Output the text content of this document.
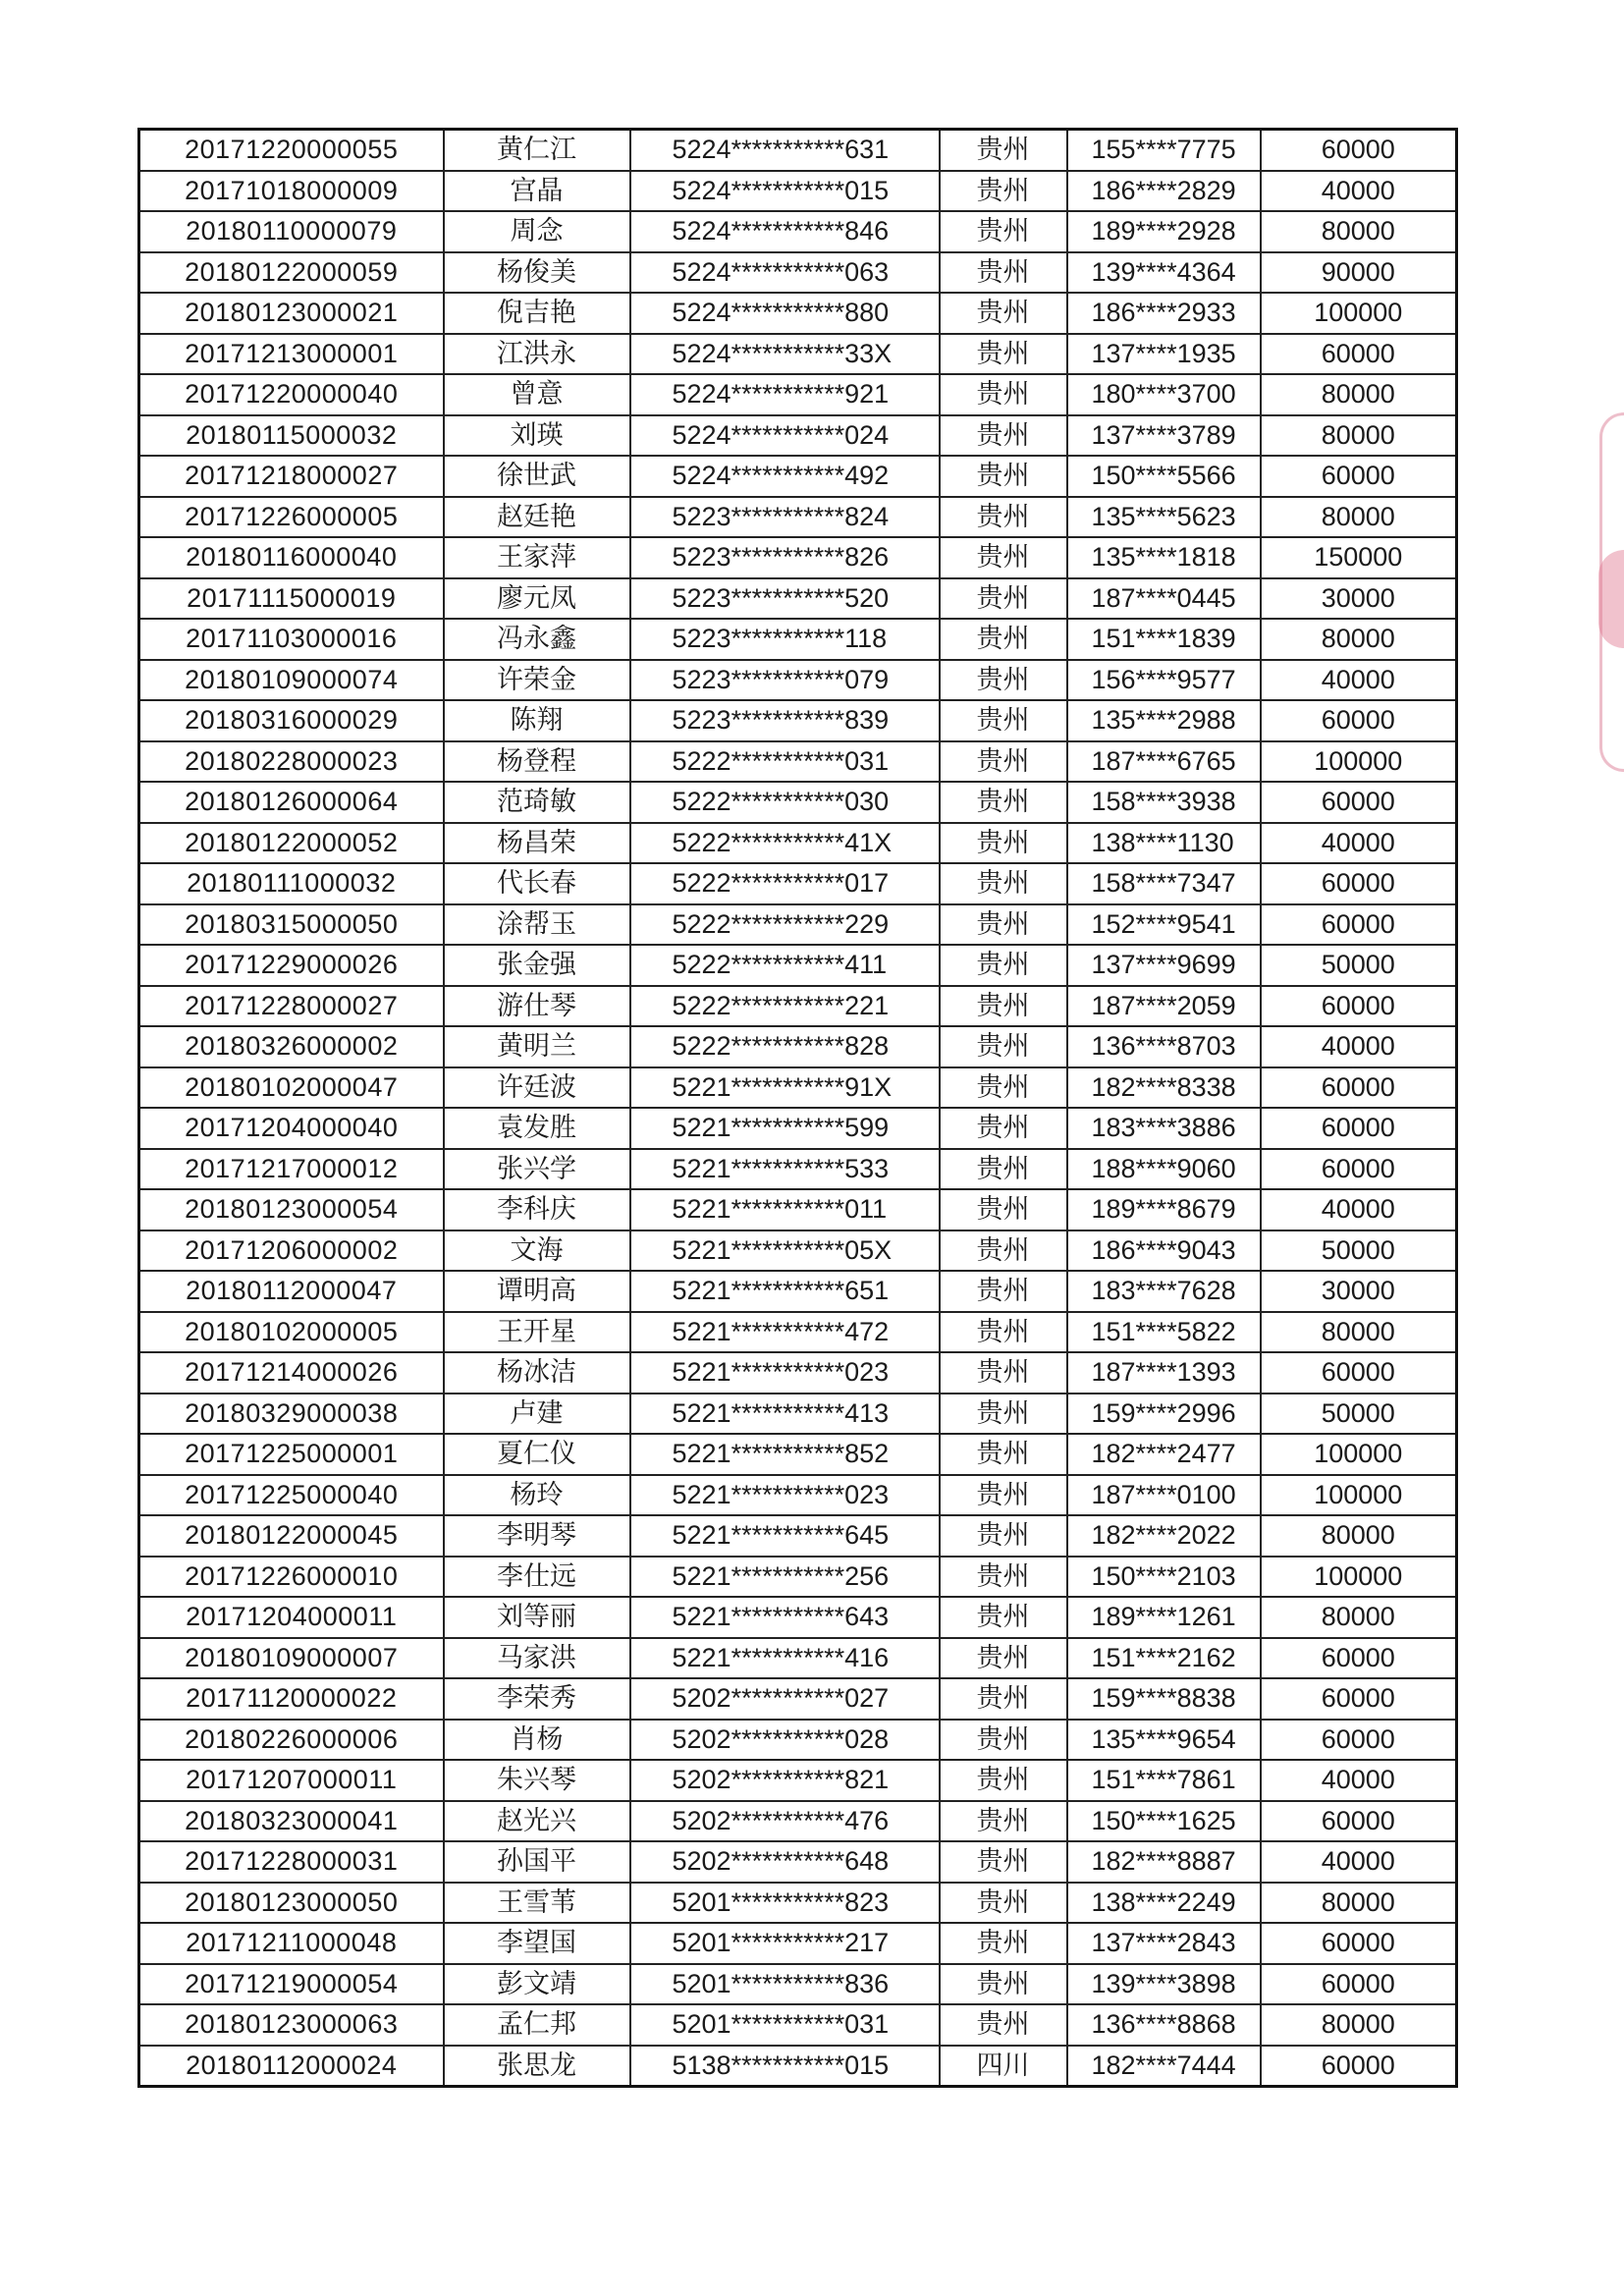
20171220000055	黄仁江	5224***********631	贵州	155****7775	60000
20171018000009	宫晶	5224***********015	贵州	186****2829	40000
20180110000079	周念	5224***********846	贵州	189****2928	80000
20180122000059	杨俊美	5224***********063	贵州	139****4364	90000
20180123000021	倪吉艳	5224***********880	贵州	186****2933	100000
20171213000001	江洪永	5224***********33X	贵州	137****1935	60000
20171220000040	曾意	5224***********921	贵州	180****3700	80000
20180115000032	刘瑛	5224***********024	贵州	137****3789	80000
20171218000027	徐世武	5224***********492	贵州	150****5566	60000
20171226000005	赵廷艳	5223***********824	贵州	135****5623	80000
20180116000040	王家萍	5223***********826	贵州	135****1818	150000
20171115000019	廖元凤	5223***********520	贵州	187****0445	30000
20171103000016	冯永鑫	5223***********118	贵州	151****1839	80000
20180109000074	许荣金	5223***********079	贵州	156****9577	40000
20180316000029	陈翔	5223***********839	贵州	135****2988	60000
20180228000023	杨登程	5222***********031	贵州	187****6765	100000
20180126000064	范琦敏	5222***********030	贵州	158****3938	60000
20180122000052	杨昌荣	5222***********41X	贵州	138****1130	40000
20180111000032	代长春	5222***********017	贵州	158****7347	60000
20180315000050	涂帮玉	5222***********229	贵州	152****9541	60000
20171229000026	张金强	5222***********411	贵州	137****9699	50000
20171228000027	游仕琴	5222***********221	贵州	187****2059	60000
20180326000002	黄明兰	5222***********828	贵州	136****8703	40000
20180102000047	许廷波	5221***********91X	贵州	182****8338	60000
20171204000040	袁发胜	5221***********599	贵州	183****3886	60000
20171217000012	张兴学	5221***********533	贵州	188****9060	60000
20180123000054	李科庆	5221***********011	贵州	189****8679	40000
20171206000002	文海	5221***********05X	贵州	186****9043	50000
20180112000047	谭明高	5221***********651	贵州	183****7628	30000
20180102000005	王开星	5221***********472	贵州	151****5822	80000
20171214000026	杨冰洁	5221***********023	贵州	187****1393	60000
20180329000038	卢建	5221***********413	贵州	159****2996	50000
20171225000001	夏仁仪	5221***********852	贵州	182****2477	100000
20171225000040	杨玲	5221***********023	贵州	187****0100	100000
20180122000045	李明琴	5221***********645	贵州	182****2022	80000
20171226000010	李仕远	5221***********256	贵州	150****2103	100000
20171204000011	刘等丽	5221***********643	贵州	189****1261	80000
20180109000007	马家洪	5221***********416	贵州	151****2162	60000
20171120000022	李荣秀	5202***********027	贵州	159****8838	60000
20180226000006	肖杨	5202***********028	贵州	135****9654	60000
20171207000011	朱兴琴	5202***********821	贵州	151****7861	40000
20180323000041	赵光兴	5202***********476	贵州	150****1625	60000
20171228000031	孙国平	5202***********648	贵州	182****8887	40000
20180123000050	王雪苇	5201***********823	贵州	138****2249	80000
20171211000048	李望国	5201***********217	贵州	137****2843	60000
20171219000054	彭文靖	5201***********836	贵州	139****3898	60000
20180123000063	孟仁邦	5201***********031	贵州	136****8868	80000
20180112000024	张思龙	5138***********015	四川	182****7444	60000
